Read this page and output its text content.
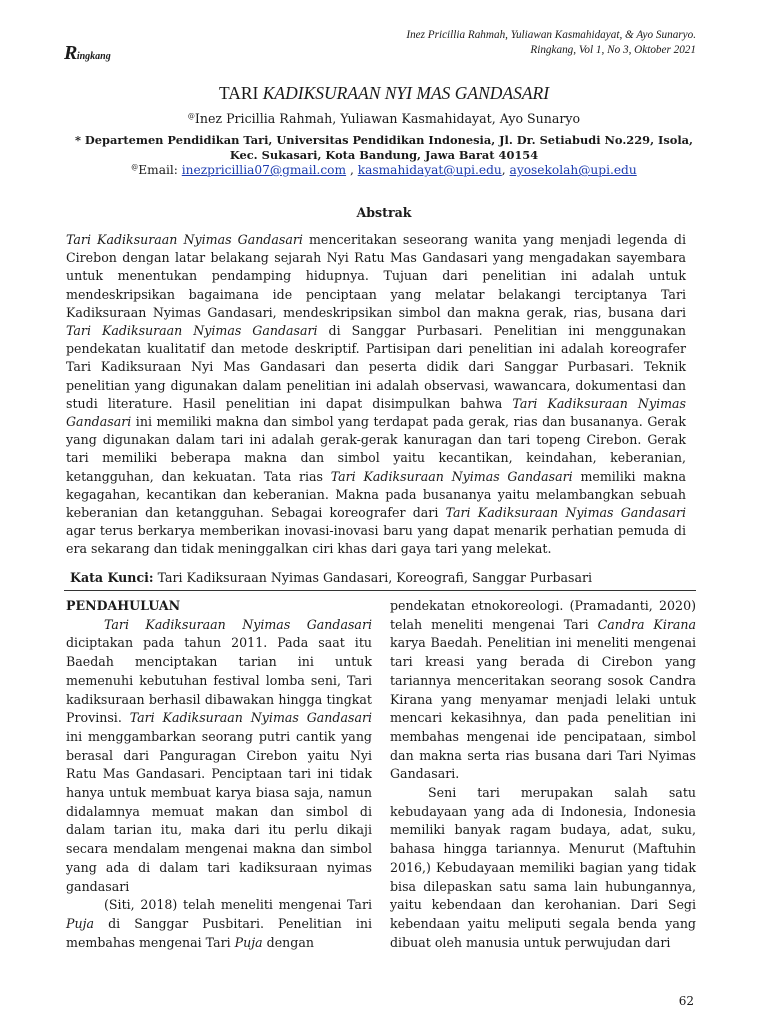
Inez Pricillia Rahmah, Yuliawan Kasmahidayat, & Ayo Sunaryo.
Ringkang, Vol 1, No 3, Oktober 2021
Ringkang
TARI KADIKSURAAN NYI MAS GANDASARI
@Inez Pricillia Rahmah, Yuliawan Kasmahidayat, Ayo Sunaryo
* Departemen Pendidikan Tari, Universitas Pendidikan Indonesia, Jl. Dr. Setiabudi No.229, Isola, Kec. Sukasari, Kota Bandung, Jawa Barat 40154
@Email: inezpricillia07@gmail.com , kasmahidayat@upi.edu, ayosekolah@upi.edu
Abstrak
Tari Kadiksuraan Nyimas Gandasari menceritakan seseorang wanita yang menjadi legenda di Cirebon dengan latar belakang sejarah Nyi Ratu Mas Gandasari yang mengadakan sayembara untuk menentukan pendamping hidupnya. Tujuan dari penelitian ini adalah untuk mendeskripsikan bagaimana ide penciptaan yang melatar belakangi terciptanya Tari Kadiksuraan Nyimas Gandasari, mendeskripsikan simbol dan makna gerak, rias, busana dari Tari Kadiksuraan Nyimas Gandasari di Sanggar Purbasari. Penelitian ini menggunakan pendekatan kualitatif dan metode deskriptif. Partisipan dari penelitian ini adalah koreografer Tari Kadiksuraan Nyi Mas Gandasari dan peserta didik dari Sanggar Purbasari. Teknik penelitian yang digunakan dalam penelitian ini adalah observasi, wawancara, dokumentasi dan studi literature. Hasil penelitian ini dapat disimpulkan bahwa Tari Kadiksuraan Nyimas Gandasari ini memiliki makna dan simbol yang terdapat pada gerak, rias dan busananya. Gerak yang digunakan dalam tari ini adalah gerak-gerak kanuragan dan tari topeng Cirebon. Gerak tari memiliki beberapa makna dan simbol yaitu kecantikan, keindahan, keberanian, ketangguhan, dan kekuatan. Tata rias Tari Kadiksuraan Nyimas Gandasari memiliki makna kegagahan, kecantikan dan keberanian. Makna pada busananya yaitu melambangkan sebuah keberanian dan ketangguhan. Sebagai koreografer dari Tari Kadiksuraan Nyimas Gandasari agar terus berkarya memberikan inovasi-inovasi baru yang dapat menarik perhatian pemuda di era sekarang dan tidak meninggalkan ciri khas dari gaya tari yang melekat.
Kata Kunci: Tari Kadiksuraan Nyimas Gandasari, Koreografi, Sanggar Purbasari

PENDAHULUAN

Tari Kadiksuraan Nyimas Gandasari diciptakan pada tahun 2011. Pada saat itu Baedah menciptakan tarian ini untuk memenuhi kebutuhan festival lomba seni, Tari kadiksuraan berhasil dibawakan hingga tingkat Provinsi. Tari Kadiksuraan Nyimas Gandasari ini menggambarkan seorang putri cantik yang berasal dari Panguragan Cirebon yaitu Nyi Ratu Mas Gandasari. Penciptaan tari ini tidak hanya untuk membuat karya biasa saja, namun didalamnya memuat makan dan simbol di dalam tarian itu, maka dari itu perlu dikaji secara mendalam mengenai makna dan simbol yang ada di dalam tari kadiksuraan nyimas gandasari

(Siti, 2018) telah meneliti mengenai Tari Puja di Sanggar Pusbitari. Penelitian ini membahas mengenai Tari Puja dengan

pendekatan etnokoreologi. (Pramadanti, 2020) telah meneliti mengenai Tari Candra Kirana karya Baedah. Penelitian ini meneliti mengenai tari kreasi yang berada di Cirebon yang tariannya menceritakan seorang sosok Candra Kirana yang menyamar menjadi lelaki untuk mencari kekasihnya, dan pada penelitian ini membahas mengenai ide pencipataan, simbol dan makna serta rias busana dari Tari Nyimas Gandasari.

Seni tari merupakan salah satu kebudayaan yang ada di Indonesia, Indonesia memiliki banyak ragam budaya, adat, suku, bahasa hingga tariannya. Menurut (Maftuhin 2016,) Kebudayaan memiliki bagian yang tidak bisa dilepaskan satu sama lain hubungannya, yaitu kebendaan dan kerohanian. Dari Segi kebendaan yaitu meliputi segala benda yang dibuat oleh manusia untuk perwujudan dari

62
